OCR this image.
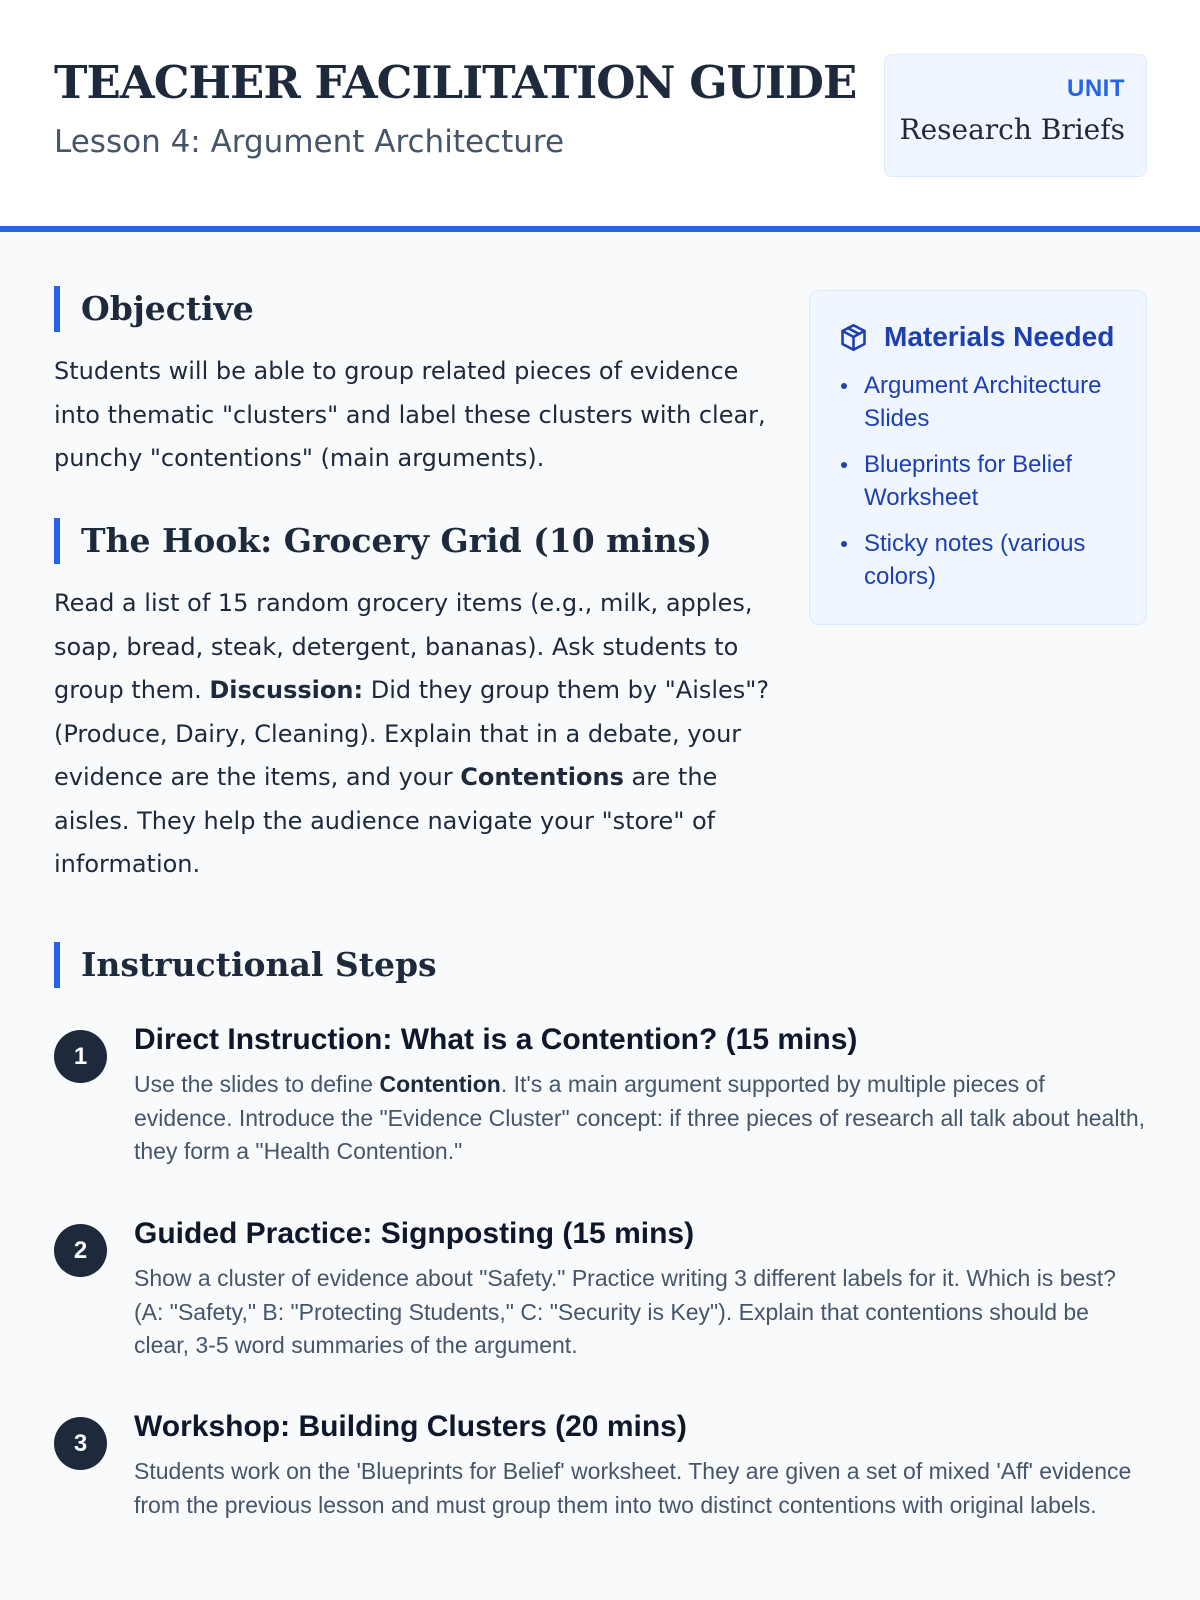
TEACHER FACILITATION GUIDE
Lesson 4: Argument Architecture
UNIT
Research Briefs
Objective

Students will be able to group related pieces of evidence into thematic "clusters" and label these clusters with clear, punchy "contentions" (main arguments).

The Hook: Grocery Grid (10 mins)

Read a list of 15 random grocery items (e.g., milk, apples, soap, bread, steak, detergent, bananas). Ask students to group them. Discussion: Did they group them by "Aisles"? (Produce, Dairy, Cleaning). Explain that in a debate, your evidence are the items, and your Contentions are the aisles. They help the audience navigate your "store" of information.

Materials Needed
Argument Architecture Slides
Blueprints for Belief Worksheet
Sticky notes (various colors)
Instructional Steps
1
Direct Instruction: What is a Contention? (15 mins)

Use the slides to define Contention. It's a main argument supported by multiple pieces of evidence. Introduce the "Evidence Cluster" concept: if three pieces of research all talk about health, they form a "Health Contention."

2
Guided Practice: Signposting (15 mins)

Show a cluster of evidence about "Safety." Practice writing 3 different labels for it. Which is best? (A: "Safety," B: "Protecting Students," C: "Security is Key"). Explain that contentions should be clear, 3-5 word summaries of the argument.

3
Workshop: Building Clusters (20 mins)

Students work on the 'Blueprints for Belief' worksheet. They are given a set of mixed 'Aff' evidence from the previous lesson and must group them into two distinct contentions with original labels.
